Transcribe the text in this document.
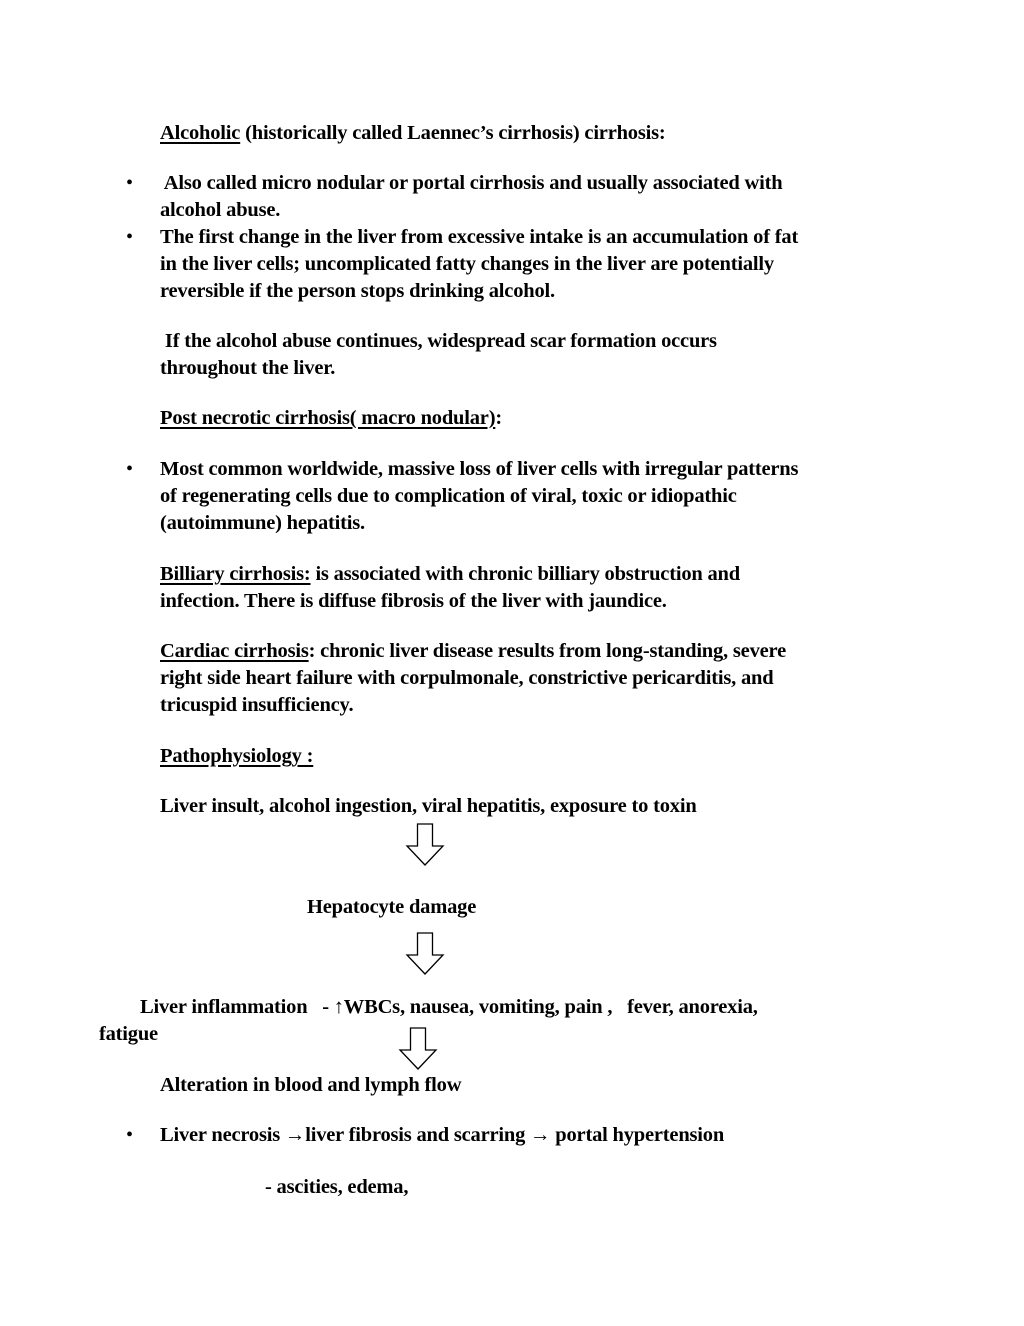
Alcoholic (historically called Laennec’s cirrhosis) cirrhosis:
• Also called micro nodular or portal cirrhosis and usually associated with
alcohol abuse.
• The first change in the liver from excessive intake is an accumulation of fat
in the liver cells; uncomplicated fatty changes in the liver are potentially
reversible if the person stops drinking alcohol.
If the alcohol abuse continues, widespread scar formation occurs
throughout the liver.
Post necrotic cirrhosis( macro nodular):
• Most common worldwide, massive loss of liver cells with irregular patterns
of regenerating cells due to complication of viral, toxic or idiopathic
(autoimmune) hepatitis.
Billiary cirrhosis: is associated with chronic billiary obstruction and
infection. There is diffuse fibrosis of the liver with jaundice.
Cardiac cirrhosis: chronic liver disease results from long-standing, severe
right side heart failure with corpulmonale, constrictive pericarditis, and
tricuspid insufficiency.
Pathophysiology :
Liver insult, alcohol ingestion, viral hepatitis, exposure to toxin
Hepatocyte damage
Liver inflammation   - ↑WBCs, nausea, vomiting, pain ,   fever, anorexia,
fatigue
Alteration in blood and lymph flow
• Liver necrosis →liver fibrosis and scarring → portal hypertension
- ascities, edema,
